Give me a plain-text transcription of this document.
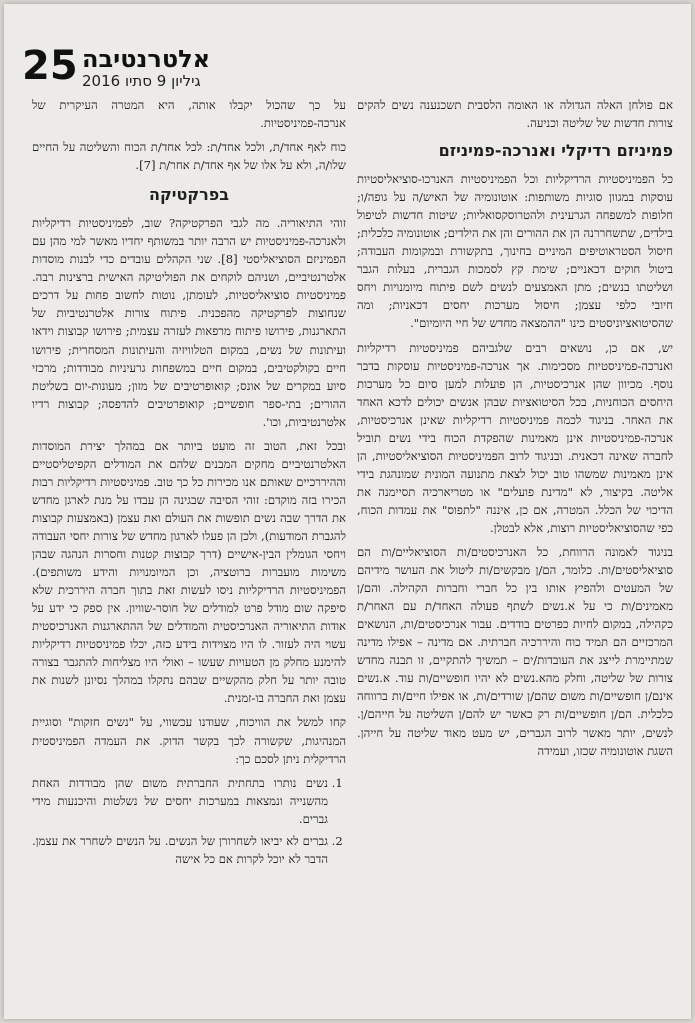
25 אלטרנטיבה
גיליון 9 סתיו 2016

אם פולחן האלה הגדולה או האומה הלסבית תשכנענה נשים להקים צורות חדשות של שליטה וכניעה.

פמיניזם רדיקלי ואנרכה-פמיניזם

כל הפמיניסטיות הרדיקליות וכל הפמיניסטיות האנרכו-סוציאליסטיות עוסקות במגוון סוגיות משותפות: אוטונומיה של האיש/ה על גופה/ו; חלופות למשפחה הגרעינית ולהטרוסקסואליות; שיטות חדשות לטיפול בילדים, שתשחררנה הן את ההורים והן את הילדים; אוטונומיה כלכלית; חיסול הסטראוטיפים המיניים בחינוך, בתקשורת ובמקומות העבודה; ביטול חוקים דכאניים; שימת קץ לסמכות הגברית, בעלות הגבר ושליטתו בנשים; מתן האמצעים לנשים לשם פיתוח מיומנויות ויחס חיובי כלפי עצמן; חיסול מערכות יחסים דכאניות; ומה שהסיטואציוניסטים כינו "ההמצאה מחדש של חיי היומיום".

יש, אם כן, נושאים רבים שלגביהם פמיניסטיות רדיקליות ואנרכה-פמיניסטיות מסכימות. אך אנרכה-פמיניסטיות עוסקות בדבר נוסף. מכיוון שהן אנרכיסטיות, הן פועלות למען סיום כל מערכות היחסים הכוחניות, בכל הסיטואציות שבהן אנשים יכולים לדכא האחד את האחר. בניגוד לכמה פמיניסטיות רדיקליות שאינן אנרכיסטיות, אנרכה-פמיניסטיות אינן מאמינות שהפקדת הכוח בידי נשים תוביל לחברה שאינה דכאנית. ובניגוד לרוב הפמיניסטיות הסוציאליסטיות, הן אינן מאמינות שמשהו טוב יכול לצאת מתנועה המונית שמונהגת בידי אליטה. בקיצור, לא "מדינת פועלים" או מטריארכיה תסיימנה את הדיכוי של הכלל. המטרה, אם כן, איננה "לתפוס" את עמדות הכוח, כפי שהסוציאליסטיות רוצות, אלא לבטלן.

בניגוד לאמונה הרווחת, כל האנרכיסטים/ות הסוציאליים/ות הם סוציאליסטים/ות. כלומר, הם/ן מבקשים/ות ליטול את העושר מידיהם של המעטים ולהפיץ אותו בין כל חברי וחברות הקהילה. והם/ן מאמינים/ות כי על א.נשים לשתף פעולה האחד/ת עם האחר/ת כקהילה, במקום לחיות כפרטים בודדים. עבור אנרכיסטים/ות, הנושאים המרכזיים הם תמיד כוח והיררכיה חברתית. אם מדינה – אפילו מדינה שמתיימרת לייצג את העובדות/ים – תמשיך להתקיים, זו תבנה מחדש צורות של שליטה, וחלק מהא.נשים לא יהיו חופשיים/ות עוד. א.נשים אינם/ן חופשיים/ות משום שהם/ן שורדים/ות, או אפילו חיים/ות ברווחה כלכלית. הם/ן חופשיים/ות רק כאשר יש להם/ן השליטה על חייהם/ן. לנשים, יותר מאשר לרוב הגברים, יש מעט מאוד שליטה על חייהן. השגת אוטונומיה שכזו, ועמידה

על כך שהכול יקבלו אותה, היא המטרה העיקרית של אנרכה-פמיניסטיות.

כוח לאף אחד/ת, ולכל אחד/ת: לכל אחד/ת הכוח והשליטה על החיים שלו/ה, ולא על אלו של אף אחד/ת אחר/ת [7].

בפרקטיקה

זוהי התיאוריה. מה לגבי הפרקטיקה? שוב, לפמיניסטיות רדיקליות ולאנרכה-פמיניסטיות יש הרבה יותר במשותף יחדיו מאשר למי מהן עם הפמיניזם הסוציאליסטי [8]. שני הקהלים עובדים כדי לבנות מוסדות אלטרנטיביים, ושניהם לוקחים את הפוליטיקה האישית ברצינות רבה. פמיניסטיות סוציאליסטיות, לעומתן, נוטות לחשוב פחות על דרכים שנחוצות לפרקטיקה מהפכנית. פיתוח צורות אלטרנטיביות של התארגנות, פירושו פיתוח מרפאות לעזרה עצמית; פירושו קבוצות וידאו ועיתונות של נשים, במקום הטלוויזיה והעיתונות המסחרית; פירושו חיים בקולקטיבים, במקום חיים במשפחות גרעיניות מבודדות; מרכזי סיוע במקרים של אונס; קואופרטיבים של מזון; מעונות-יום בשליטת ההורים; בתי-ספר חופשיים; קואופרטיבים להדפסה; קבוצות רדיו אלטרנטיביות, וכו'.

ובכל זאת, הטוב זה מועט ביותר אם במהלך יצירת המוסדות האלטרנטיביים מחקים המבנים שלהם את המודלים הקפיטליסטיים וההיררכיים שאותם אנו מכירות כל כך טוב. פמיניסטיות רדיקליות רבות הכירו בזה מוקדם: זוהי הסיבה שבגינה הן עבדו על מנת לארגן מחדש את הדרך שבה נשים תופשות את העולם ואת עצמן (באמצעות קבוצות להגברת המודעות), ולכן הן פעלו לארגון מחדש של צורות יחסי העבודה ויחסי הגומלין הבין-אישיים (דרך קבוצות קטנות וחסרות הנהגה שבהן משימות מועברות ברוטציה, וכן המיומנויות והידע משותפים). הפמיניסטיות הרדיקליות ניסו לעשות זאת בתוך חברה היררכית שלא סיפקה שום מודל פרט למודלים של חוסר-שוויון. אין ספק כי ידע על אודות התיאוריה האנרכיסטית והמודלים של ההתארגנות האנרכיסטית עשוי היה לעזור. לו היו מצוידות בידע כזה, יכלו פמיניסטיות רדיקליות להימנע מחלק מן הטעויות שעשו – ואולי היו מצליחות להתגבר בצורה טובה יותר על חלק מהקשיים שבהם נתקלו במהלך נסיונן לשנות את עצמן ואת החברה בו-זמנית.

קחו למשל את הוויכוח, שעודנו עכשווי, על "נשים חזקות" וסוגיית המנהיגות, שקשורה לכך בקשר הדוק. את העמדה הפמיניסטית הרדיקלית ניתן לסכם כך:

1. נשים נותרו בתחתית החברתית משום שהן מבודדות האחת מהשנייה ונמצאות במערכות יחסים של נשלטות והיכנעות מידי גברים.
2. גברים לא יביאו לשחרורן של הנשים. על הנשים לשחרר את עצמן. הדבר לא יוכל לקרות אם כל אישה
